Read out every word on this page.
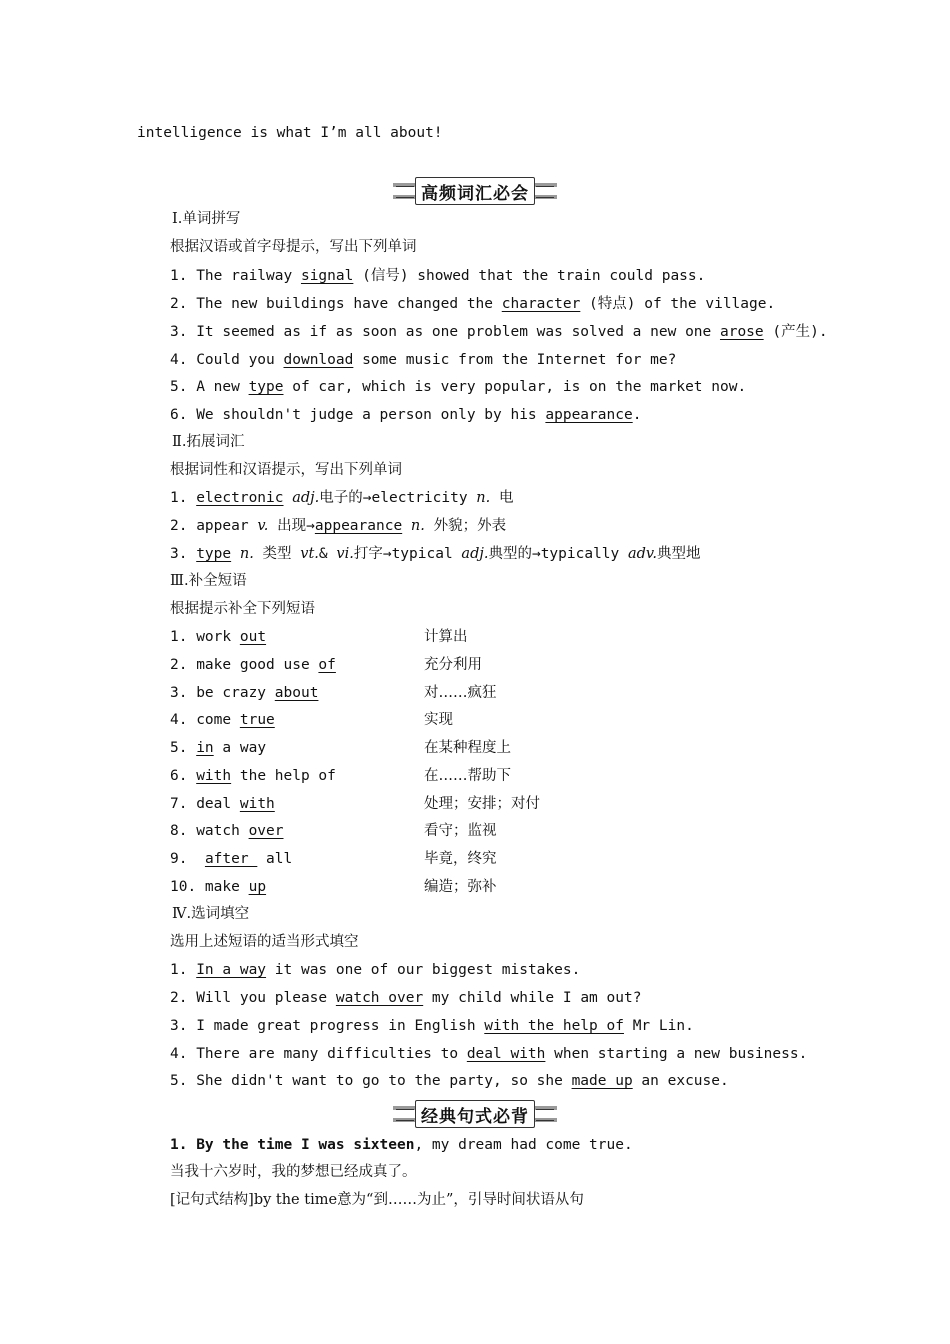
intelligence is what I’m all about!
高频词汇必会
Ⅰ.单词拼写
根据汉语或首字母提示，写出下列单词
1. The railway signal (信号) showed that the train could pass.
2. The new buildings have changed the character (特点) of the village.
3. It seemed as if as soon as one problem was solved a new one arose (产生).
4. Could you download some music from the Internet for me?
5. A new type of car, which is very popular, is on the market now.
6. We shouldn't judge a person only by his appearance.
Ⅱ.拓展词汇
根据词性和汉语提示，写出下列单词
1. electronic adj.电子的→electricity n. 电
2. appear v. 出现→appearance n. 外貌；外表
3. type n. 类型 vt.& vi.打字→typical adj.典型的→typically adv.典型地
Ⅲ.补全短语
根据提示补全下列短语
1. work out	计算出
2. make good use of	充分利用
3. be crazy about	对……疯狂
4. come true	实现
5. in a way	在某种程度上
6. with the help of	在……帮助下
7. deal with	处理；安排；对付
8. watch over	看守；监视
9. after  all	毕竟，终究
10. make up	编造；弥补
Ⅳ.选词填空
选用上述短语的适当形式填空
1. In a way it was one of our biggest mistakes.
2. Will you please watch over my child while I am out?
3. I made great progress in English with the help of Mr Lin.
4. There are many difficulties to deal with when starting a new business.
5. She didn't want to go to the party, so she made up an excuse.
经典句式必背
1. By the time I was sixteen, my dream had come true.
当我十六岁时，我的梦想已经成真了。
[记句式结构]by the time意为“到……为止”，引导时间状语从句
